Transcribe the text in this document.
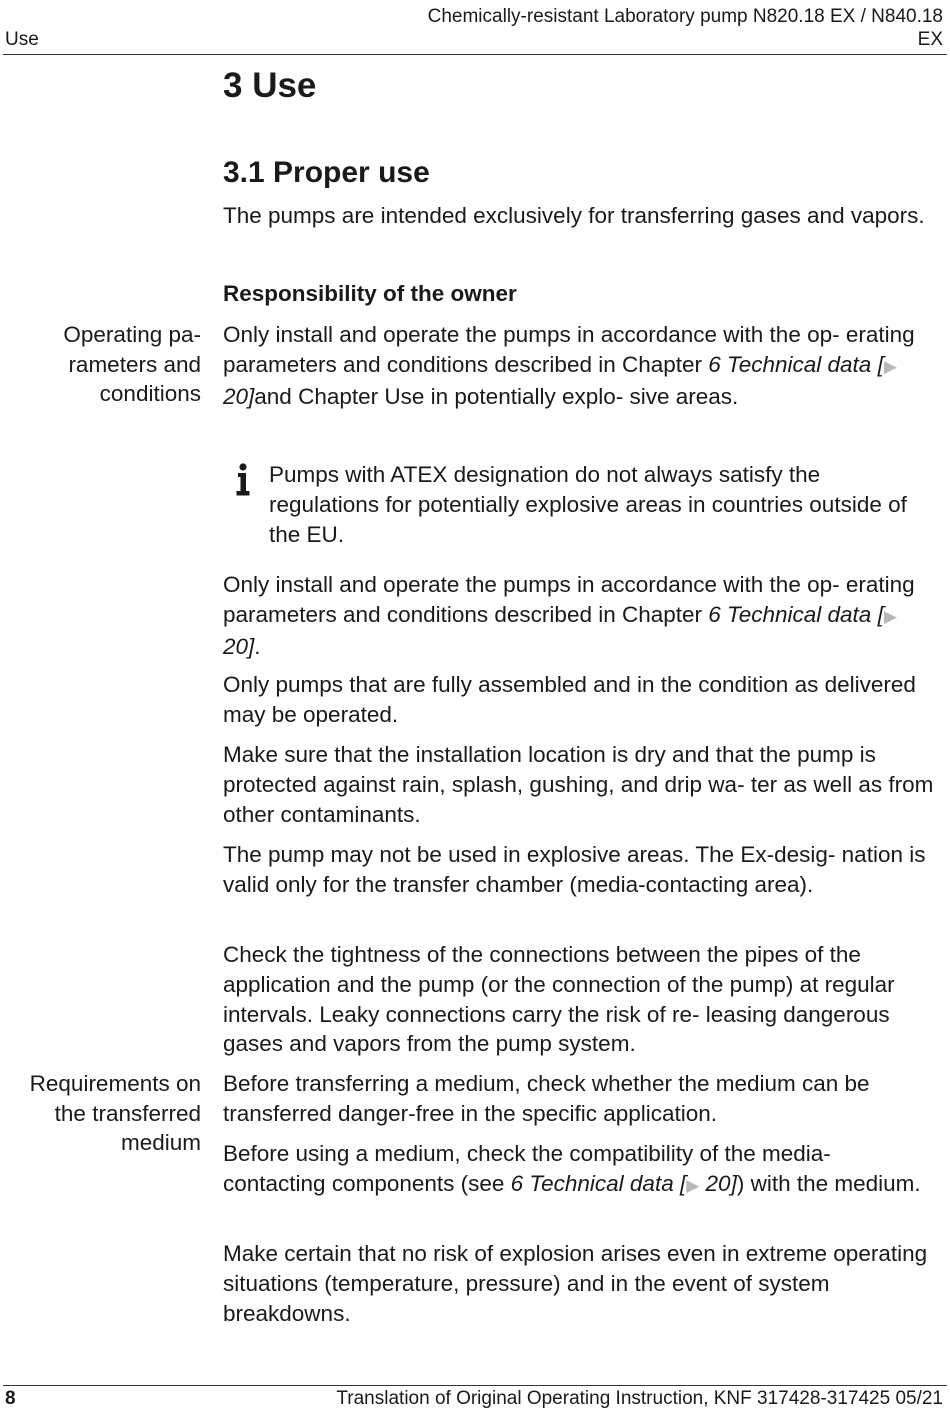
Use
Chemically-resistant Laboratory pump N820.18 EX / N840.18
EX
3 Use
3.1 Proper use

The pumps are intended exclusively for transferring gases and vapors.

Responsibility of the owner

Operating pa- rameters and conditions

Only install and operate the pumps in accordance with the op- erating parameters and conditions described in Chapter 6 Technical data [▶ 20]and Chapter Use in potentially explo- sive areas.

Pumps with ATEX designation do not always satisfy the regulations for potentially explosive areas in countries outside of the EU.

Only install and operate the pumps in accordance with the op- erating parameters and conditions described in Chapter 6 Technical data [▶ 20].

Only pumps that are fully assembled and in the condition as delivered may be operated.

Make sure that the installation location is dry and that the pump is protected against rain, splash, gushing, and drip wa- ter as well as from other contaminants.

The pump may not be used in explosive areas. The Ex-desig- nation is valid only for the transfer chamber (media-contacting area).

Check the tightness of the connections between the pipes of the application and the pump (or the connection of the pump) at regular intervals. Leaky connections carry the risk of re- leasing dangerous gases and vapors from the pump system.

Requirements on the transferred medium

Before transferring a medium, check whether the medium can be transferred danger-free in the specific application.

Before using a medium, check the compatibility of the media- contacting components (see 6 Technical data [▶ 20]) with the medium.

Make certain that no risk of explosion arises even in extreme operating situations (temperature, pressure) and in the event of system breakdowns.

8	Translation of Original Operating Instruction, KNF 317428-317425 05/21
